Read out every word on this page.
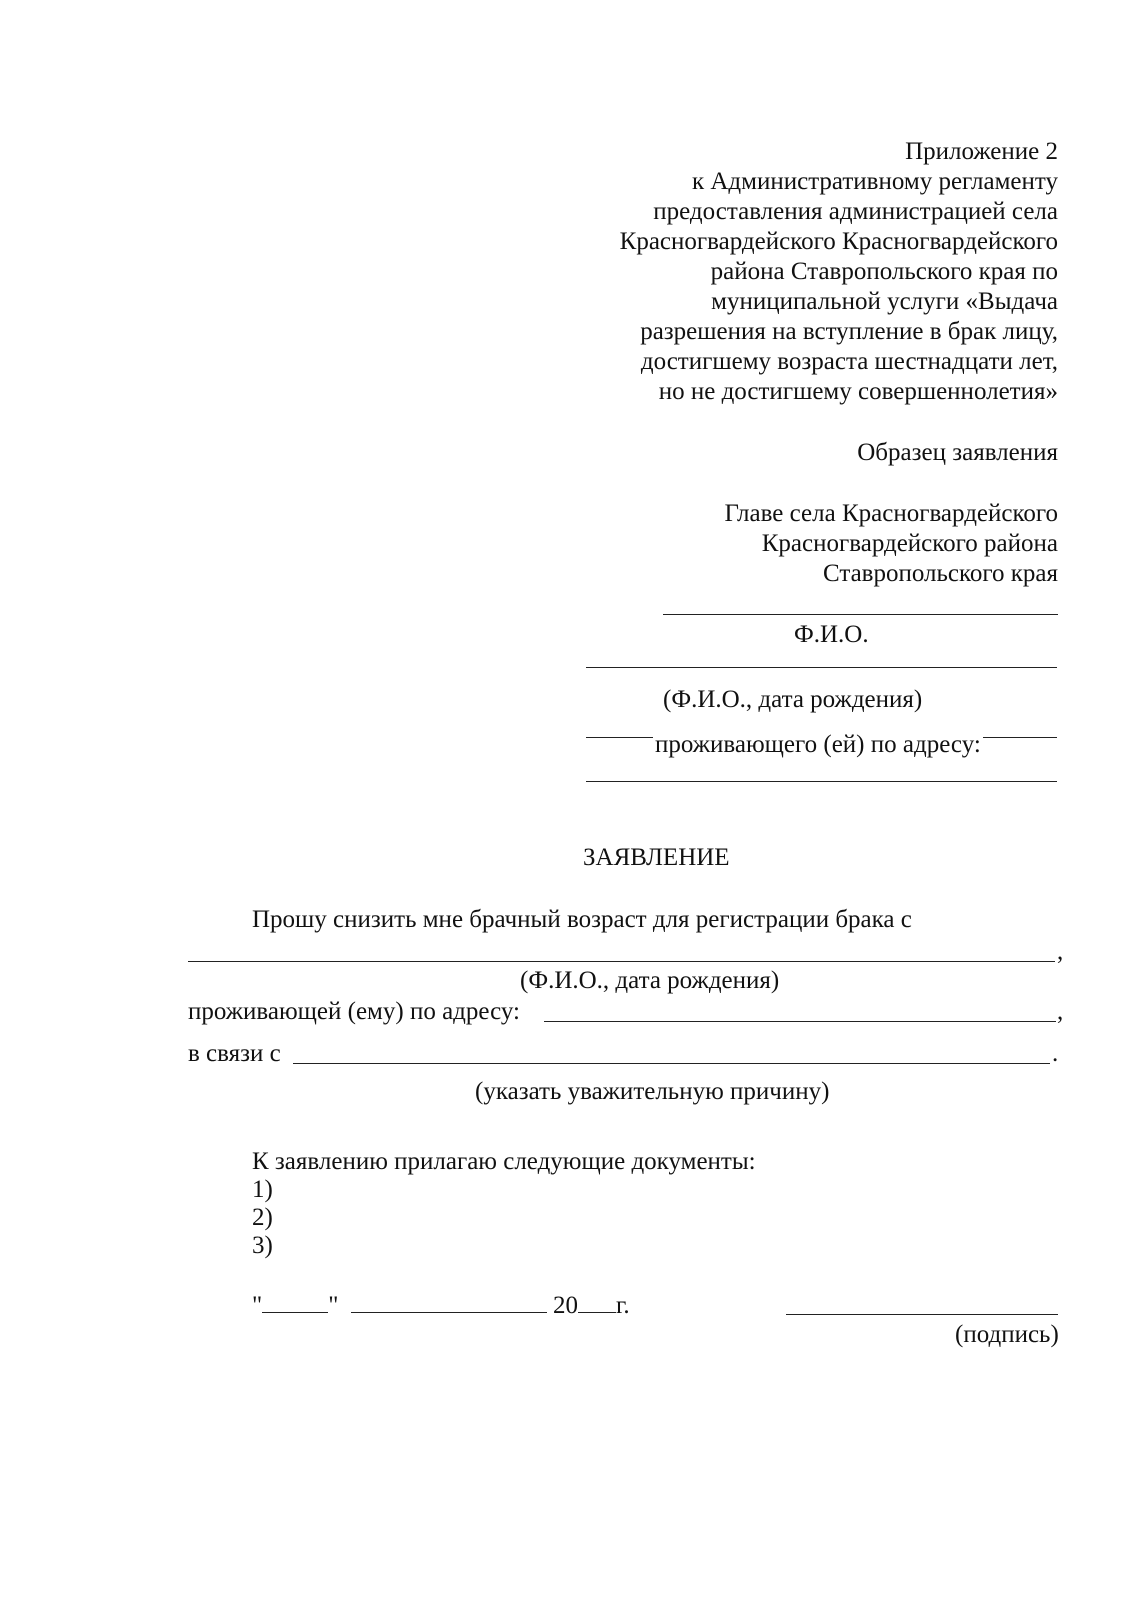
Приложение 2
к Административному регламенту
предоставления администрацией села
Красногвардейского Красногвардейского
района Ставропольского края по
муниципальной услуги «Выдача
разрешения на вступление в брак лицу,
достигшему возраста шестнадцати лет,
но не достигшему совершеннолетия»
Образец заявления
Главе села Красногвардейского
Красногвардейского района
Ставропольского края
Ф.И.О.
(Ф.И.О., дата рождения)
проживающего (ей) по адресу:
ЗАЯВЛЕНИЕ
Прошу снизить мне брачный возраст для регистрации брака с
,
(Ф.И.О., дата рождения)
проживающей (ему) по адресу:	,
в связи с	.
(указать уважительную причину)
К заявлению прилагаю следующие документы:
1)
2)
3)
"	"	20 г.
(подпись)
